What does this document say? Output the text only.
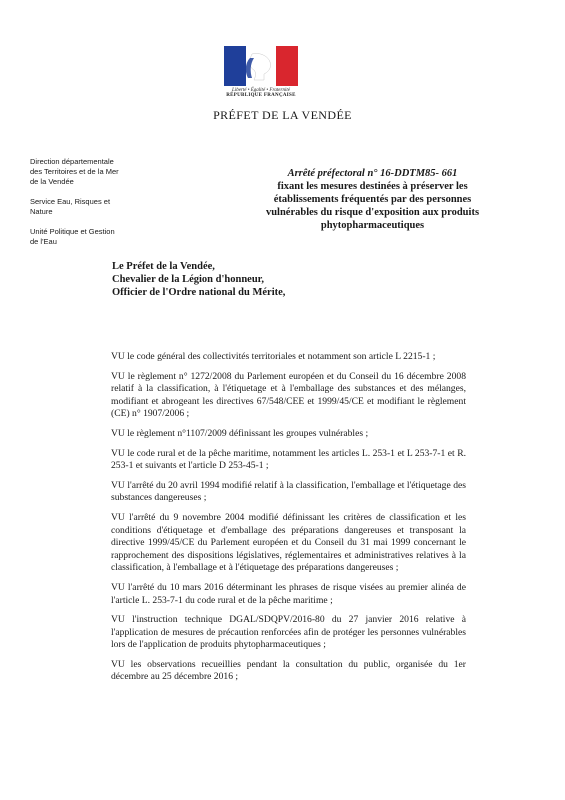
Liberté • Égalité • Fraternité
RÉPUBLIQUE FRANÇAISE
PRÉFET DE LA VENDÉE
Direction départementale des Territoires et de la Mer de la Vendée
Service Eau, Risques et Nature
Unité Politique et Gestion de l'Eau
Arrêté préfectoral n° 16-DDTM85- 661
fixant les mesures destinées à préserver les établissements fréquentés par des personnes vulnérables du risque d'exposition aux produits phytopharmaceutiques
Le Préfet de la Vendée,
Chevalier de la Légion d'honneur,
Officier de l'Ordre national du Mérite,
VU le code général des collectivités territoriales et notamment son article L 2215-1 ;
VU le règlement n° 1272/2008 du Parlement européen et du Conseil du 16 décembre 2008 relatif à la classification, à l'étiquetage et à l'emballage des substances et des mélanges, modifiant et abrogeant les directives 67/548/CEE et 1999/45/CE et modifiant le règlement (CE) n° 1907/2006 ;
VU le règlement n°1107/2009 définissant les groupes vulnérables ;
VU le code rural et de la pêche maritime, notamment les articles L. 253-1 et L 253-7-1 et R. 253-1 et suivants et l'article D 253-45-1 ;
VU l'arrêté du 20 avril 1994 modifié relatif à la classification, l'emballage et l'étiquetage des substances dangereuses ;
VU l'arrêté du 9 novembre 2004 modifié définissant les critères de classification et les conditions d'étiquetage et d'emballage des préparations dangereuses et transposant la directive 1999/45/CE du Parlement européen et du Conseil du 31 mai 1999 concernant le rapprochement des dispositions législatives, réglementaires et administratives relatives à la classification, à l'emballage et à l'étiquetage des préparations dangereuses ;
VU l'arrêté du 10 mars 2016 déterminant les phrases de risque visées au premier alinéa de l'article L. 253-7-1 du code rural et de la pêche maritime ;
VU l'instruction technique DGAL/SDQPV/2016-80 du 27 janvier 2016 relative à l'application de mesures de précaution renforcées afin de protéger les personnes vulnérables lors de l'application de produits phytopharmaceutiques ;
VU les observations recueillies pendant la consultation du public, organisée du 1er décembre au 25 décembre 2016 ;
